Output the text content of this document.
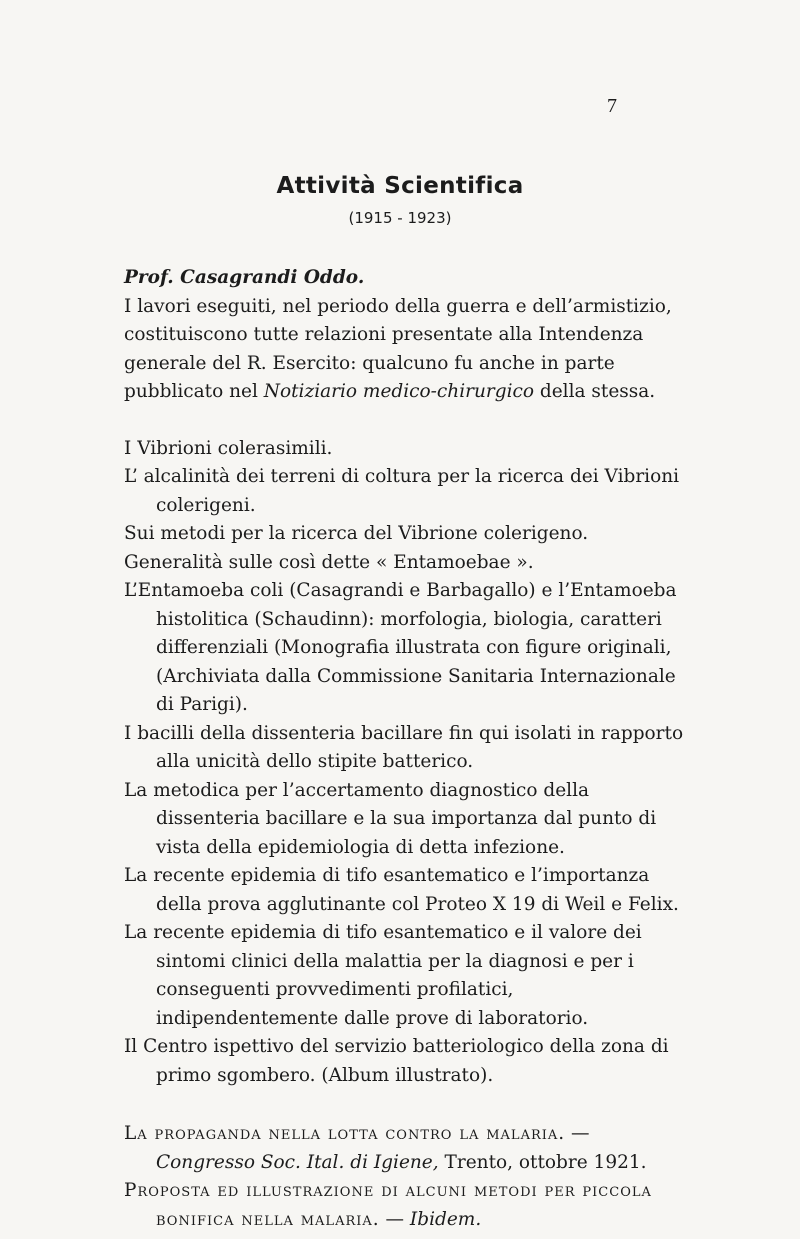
7
Attività Scientifica
(1915 - 1923)

Prof. Casagrandi Oddo.

I lavori eseguiti, nel periodo della guerra e dell’armistizio, costituiscono tutte relazioni presentate alla Intendenza generale del R. Esercito: qualcuno fu anche in parte pubblicato nel Notiziario medico-chirurgico della stessa.

I Vibrioni colerasimili.

L’ alcalinità dei terreni di coltura per la ricerca dei Vibrioni colerigeni.

Sui metodi per la ricerca del Vibrione colerigeno.

Generalità sulle così dette « Entamoebae ».

L’Entamoeba coli (Casagrandi e Barbagallo) e l’Entamoeba histolitica (Schaudinn): morfologia, biologia, caratteri differenziali (Monografia illustrata con figure originali, (Archiviata dalla Commissione Sanitaria Internazionale di Parigi).

I bacilli della dissenteria bacillare fin qui isolati in rapporto alla unicità dello stipite batterico.

La metodica per l’accertamento diagnostico della dissenteria bacillare e la sua importanza dal punto di vista della epidemiologia di detta infezione.

La recente epidemia di tifo esantematico e l’importanza della prova agglutinante col Proteo X 19 di Weil e Felix.

La recente epidemia di tifo esantematico e il valore dei sintomi clinici della malattia per la diagnosi e per i conseguenti provvedimenti profilatici, indipendentemente dalle prove di laboratorio.

Il Centro ispettivo del servizio batteriologico della zona di primo sgombero. (Album illustrato).

La propaganda nella lotta contro la malaria. — Congresso Soc. Ital. di Igiene, Trento, ottobre 1921.

Proposta ed illustrazione di alcuni metodi per piccola bonifica nella malaria. — Ibidem.
